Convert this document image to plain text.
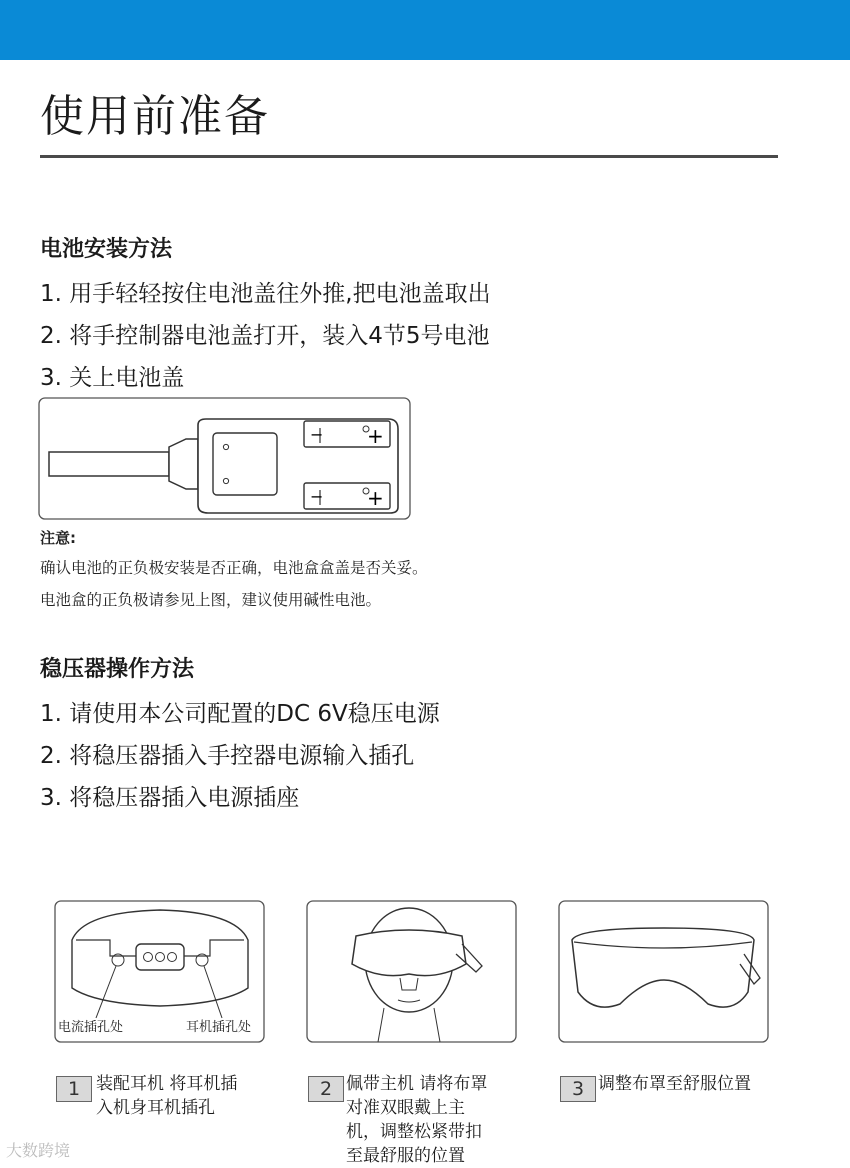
使用前准备
电池安装方法
1. 用手轻轻按住电池盖往外推,把电池盖取出
2. 将手控制器电池盖打开，装入4节5号电池
3. 关上电池盖
−
−
+
+
注意:
确认电池的正负极安装是否正确，电池盒盒盖是否关妥。
电池盒的正负极请参见上图，建议使用碱性电池。
稳压器操作方法
1. 请使用本公司配置的DC 6V稳压电源
2. 将稳压器插入手控器电源输入插孔
3. 将稳压器插入电源插座
电流插孔处	耳机插孔处
1 装配耳机 将耳机插
入机身耳机插孔
2 佩带主机 请将布罩
对准双眼戴上主
机，调整松紧带扣
至最舒服的位置
3 调整布罩至舒服位置
大数跨境
